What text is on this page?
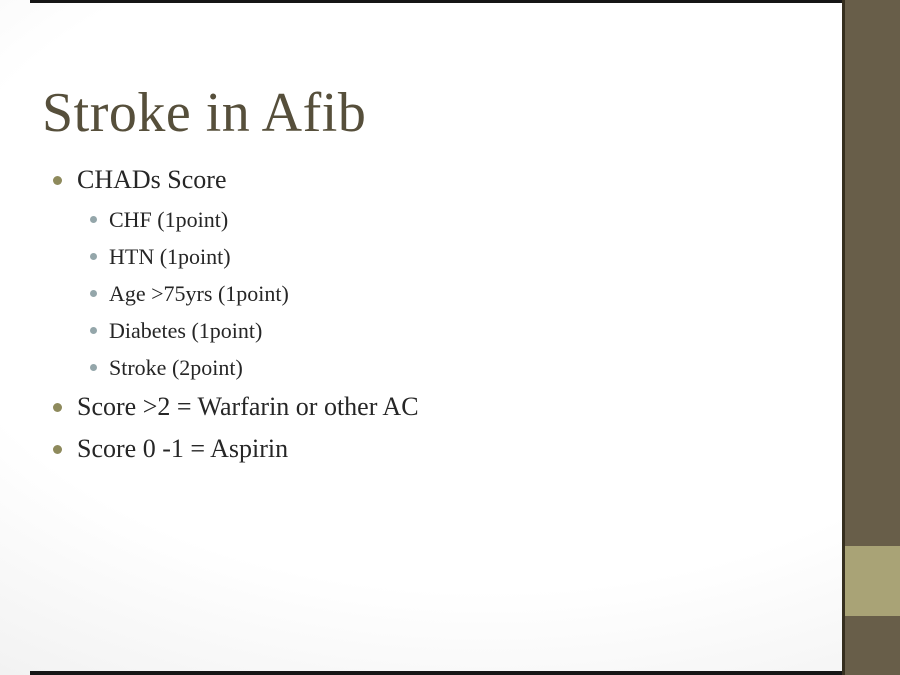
Stroke in Afib
CHADs Score
CHF (1point)
HTN (1point)
Age >75yrs (1point)
Diabetes (1point)
Stroke (2point)
Score >2 = Warfarin or other AC
Score 0 -1 = Aspirin
